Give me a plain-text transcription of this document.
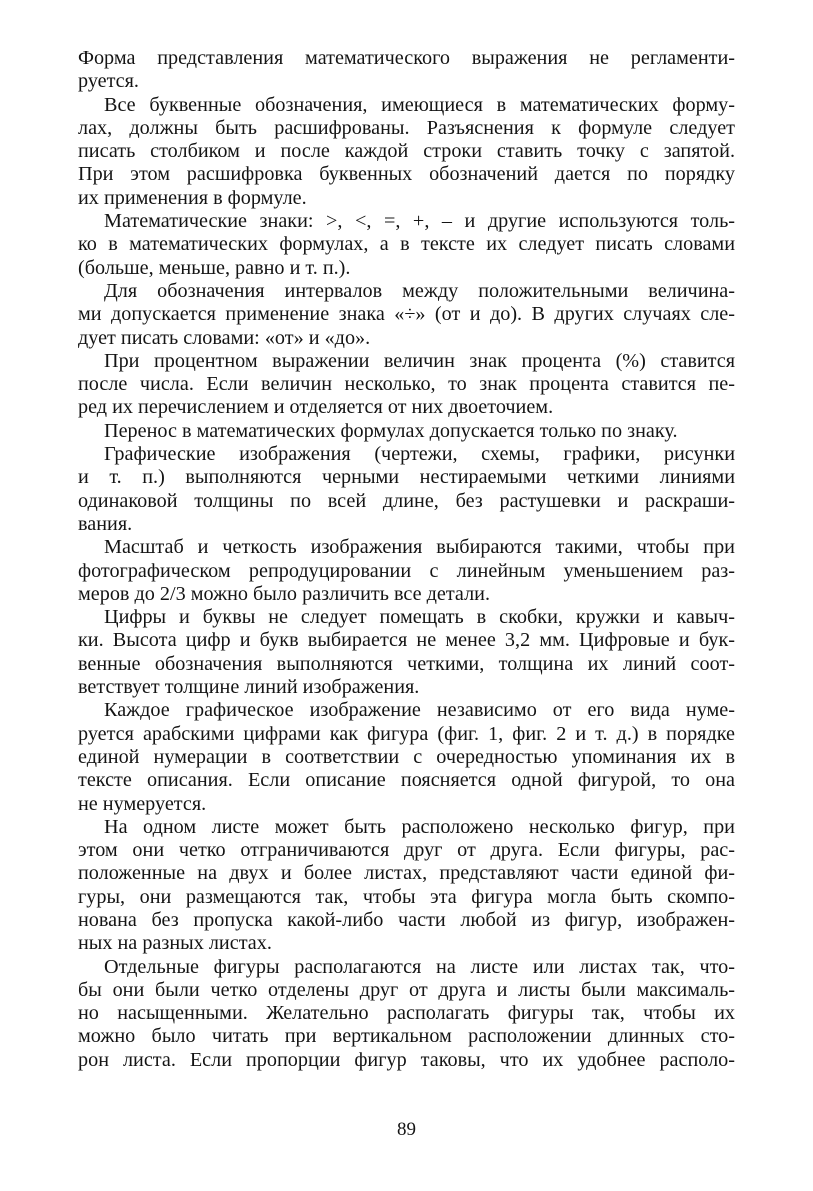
Форма представления математического выражения не регламенти-
руется.
Все буквенные обозначения, имеющиеся в математических форму-
лах, должны быть расшифрованы. Разъяснения к формуле следует
писать столбиком и после каждой строки ставить точку с запятой.
При этом расшифровка буквенных обозначений дается по порядку
их применения в формуле.
Математические знаки: >, <, =, +, – и другие используются толь-
ко в математических формулах, а в тексте их следует писать словами
(больше, меньше, равно и т. п.).
Для обозначения интервалов между положительными величина-
ми допускается применение знака «÷» (от и до). В других случаях сле-
дует писать словами: «от» и «до».
При процентном выражении величин знак процента (%) ставится
после числа. Если величин несколько, то знак процента ставится пе-
ред их перечислением и отделяется от них двоеточием.
Перенос в математических формулах допускается только по знаку.
Графические изображения (чертежи, схемы, графики, рисунки
и т. п.) выполняются черными нестираемыми четкими линиями
одинаковой толщины по всей длине, без растушевки и раскраши-
вания.
Масштаб и четкость изображения выбираются такими, чтобы при
фотографическом репродуцировании с линейным уменьшением раз-
меров до 2/3 можно было различить все детали.
Цифры и буквы не следует помещать в скобки, кружки и кавыч-
ки. Высота цифр и букв выбирается не менее 3,2 мм. Цифровые и бук-
венные обозначения выполняются четкими, толщина их линий соот-
ветствует толщине линий изображения.
Каждое графическое изображение независимо от его вида нуме-
руется арабскими цифрами как фигура (фиг. 1, фиг. 2 и т. д.) в порядке
единой нумерации в соответствии с очередностью упоминания их в
тексте описания. Если описание поясняется одной фигурой, то она
не нумеруется.
На одном листе может быть расположено несколько фигур, при
этом они четко отграничиваются друг от друга. Если фигуры, рас-
положенные на двух и более листах, представляют части единой фи-
гуры, они размещаются так, чтобы эта фигура могла быть скомпо-
нована без пропуска какой-либо части любой из фигур, изображен-
ных на разных листах.
Отдельные фигуры располагаются на листе или листах так, что-
бы они были четко отделены друг от друга и листы были максималь-
но насыщенными. Желательно располагать фигуры так, чтобы их
можно было читать при вертикальном расположении длинных сто-
рон листа. Если пропорции фигур таковы, что их удобнее располо-
89
